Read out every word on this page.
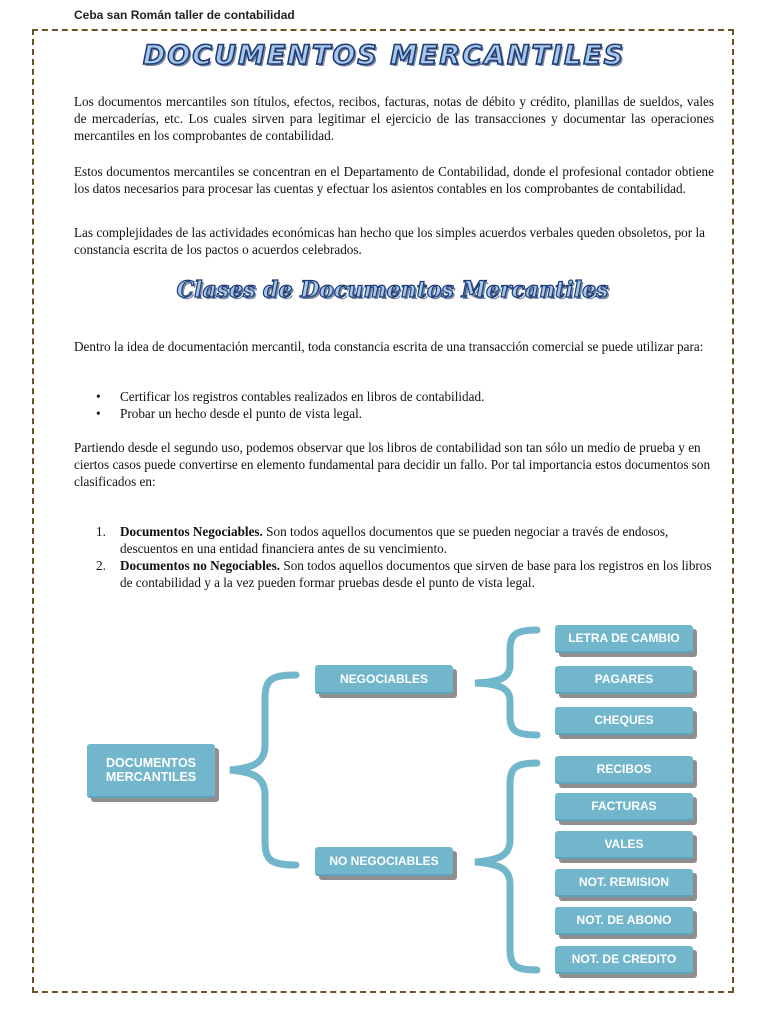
Ceba san Román taller de contabilidad
DOCUMENTOS MERCANTILES
Los documentos mercantiles son títulos, efectos, recibos, facturas, notas de débito y crédito, planillas de sueldos, vales de mercaderías, etc. Los cuales sirven para legitimar el ejercicio de las transacciones y documentar las operaciones mercantiles en los comprobantes de contabilidad.
Estos documentos mercantiles se concentran en el Departamento de Contabilidad, donde el profesional contador obtiene los datos necesarios para procesar las cuentas y efectuar los asientos contables en los comprobantes de contabilidad.
Las complejidades de las actividades económicas han hecho que los simples acuerdos verbales queden obsoletos, por la constancia escrita de los pactos o acuerdos celebrados.
Clases de Documentos Mercantiles
Dentro la idea de documentación mercantil, toda constancia escrita de una transacción comercial se puede utilizar para:
• Certificar los registros contables realizados en libros de contabilidad.
• Probar un hecho desde el punto de vista legal.
Partiendo desde el segundo uso, podemos observar que los libros de contabilidad son tan sólo un medio de prueba y en ciertos casos puede convertirse en elemento fundamental para decidir un fallo. Por tal importancia estos documentos son clasificados en:
1. Documentos Negociables. Son todos aquellos documentos que se pueden negociar a través de endosos, descuentos en una entidad financiera antes de su vencimiento.
2. Documentos no Negociables. Son todos aquellos documentos que sirven de base para los registros en los libros de contabilidad y a la vez pueden formar pruebas desde el punto de vista legal.
DOCUMENTOS MERCANTILES
NEGOCIABLES
NO NEGOCIABLES
LETRA DE CAMBIO
PAGARES
CHEQUES
RECIBOS
FACTURAS
VALES
NOT. REMISION
NOT. DE ABONO
NOT. DE CREDITO
